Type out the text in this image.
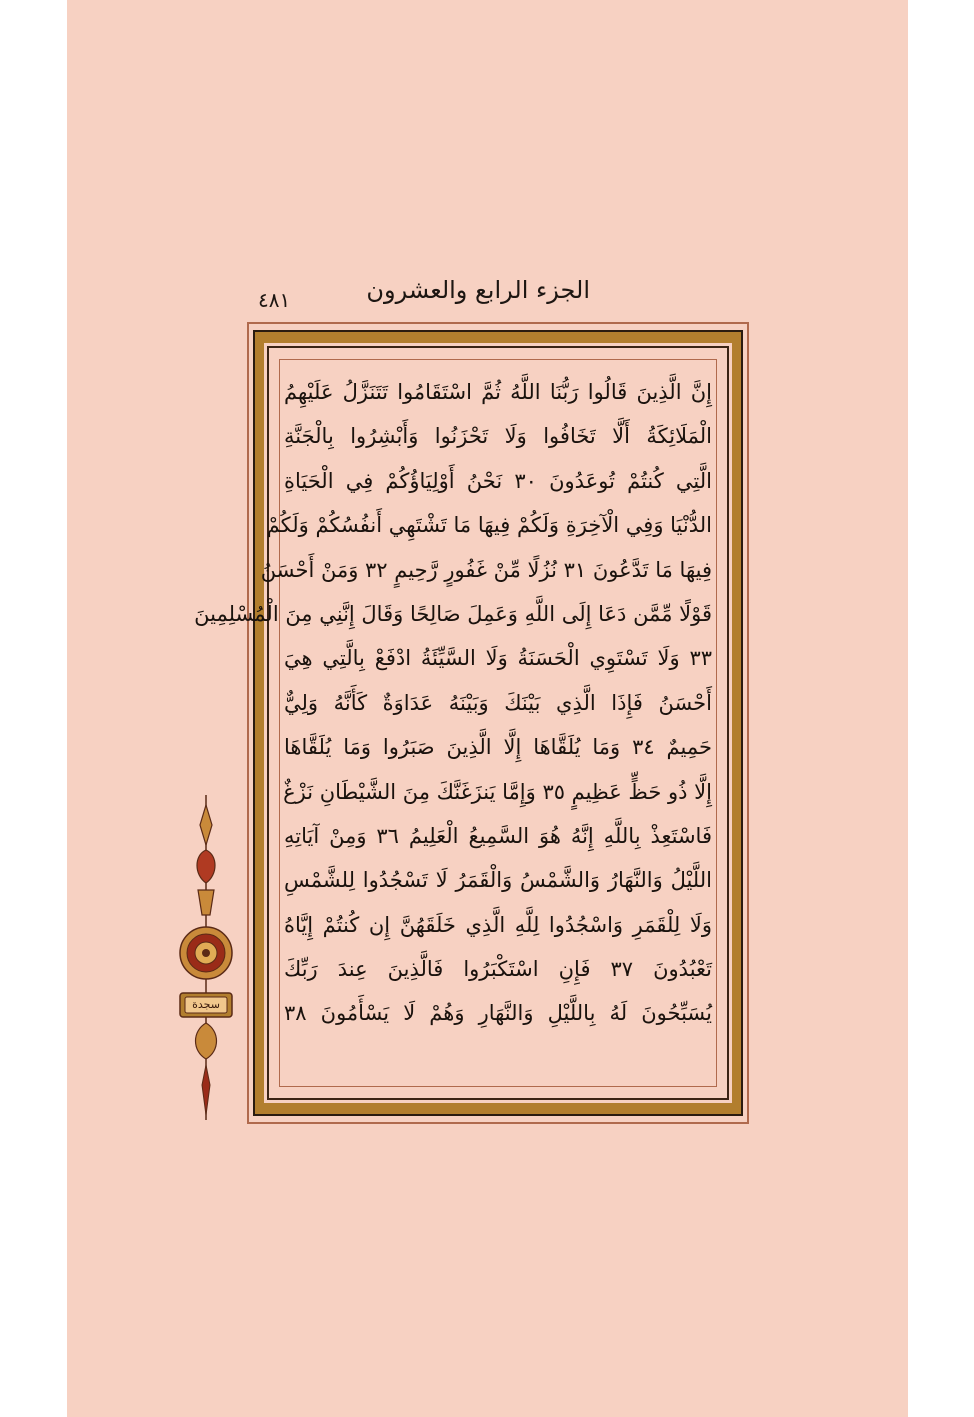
الجزء الرابع والعشرون
٤٨١
إِنَّ الَّذِينَ قَالُوا رَبُّنَا اللَّهُ ثُمَّ اسْتَقَامُوا تَتَنَزَّلُ عَلَيْهِمُ
الْمَلَائِكَةُ أَلَّا تَخَافُوا وَلَا تَحْزَنُوا وَأَبْشِرُوا بِالْجَنَّةِ
الَّتِي كُنتُمْ تُوعَدُونَ ٣٠ نَحْنُ أَوْلِيَاؤُكُمْ فِي الْحَيَاةِ
الدُّنْيَا وَفِي الْآخِرَةِ وَلَكُمْ فِيهَا مَا تَشْتَهِي أَنفُسُكُمْ وَلَكُمْ
فِيهَا مَا تَدَّعُونَ ٣١ نُزُلًا مِّنْ غَفُورٍ رَّحِيمٍ ٣٢ وَمَنْ أَحْسَنُ
قَوْلًا مِّمَّن دَعَا إِلَى اللَّهِ وَعَمِلَ صَالِحًا وَقَالَ إِنَّنِي مِنَ الْمُسْلِمِينَ
٣٣ وَلَا تَسْتَوِي الْحَسَنَةُ وَلَا السَّيِّئَةُ ادْفَعْ بِالَّتِي هِيَ
أَحْسَنُ فَإِذَا الَّذِي بَيْنَكَ وَبَيْنَهُ عَدَاوَةٌ كَأَنَّهُ وَلِيٌّ
حَمِيمٌ ٣٤ وَمَا يُلَقَّاهَا إِلَّا الَّذِينَ صَبَرُوا وَمَا يُلَقَّاهَا
إِلَّا ذُو حَظٍّ عَظِيمٍ ٣٥ وَإِمَّا يَنزَغَنَّكَ مِنَ الشَّيْطَانِ نَزْغٌ
فَاسْتَعِذْ بِاللَّهِ إِنَّهُ هُوَ السَّمِيعُ الْعَلِيمُ ٣٦ وَمِنْ آيَاتِهِ
اللَّيْلُ وَالنَّهَارُ وَالشَّمْسُ وَالْقَمَرُ لَا تَسْجُدُوا لِلشَّمْسِ
وَلَا لِلْقَمَرِ وَاسْجُدُوا لِلَّهِ الَّذِي خَلَقَهُنَّ إِن كُنتُمْ إِيَّاهُ
تَعْبُدُونَ ٣٧ فَإِنِ اسْتَكْبَرُوا فَالَّذِينَ عِندَ رَبِّكَ
يُسَبِّحُونَ لَهُ بِاللَّيْلِ وَالنَّهَارِ وَهُمْ لَا يَسْأَمُونَ ٣٨
سجدة
